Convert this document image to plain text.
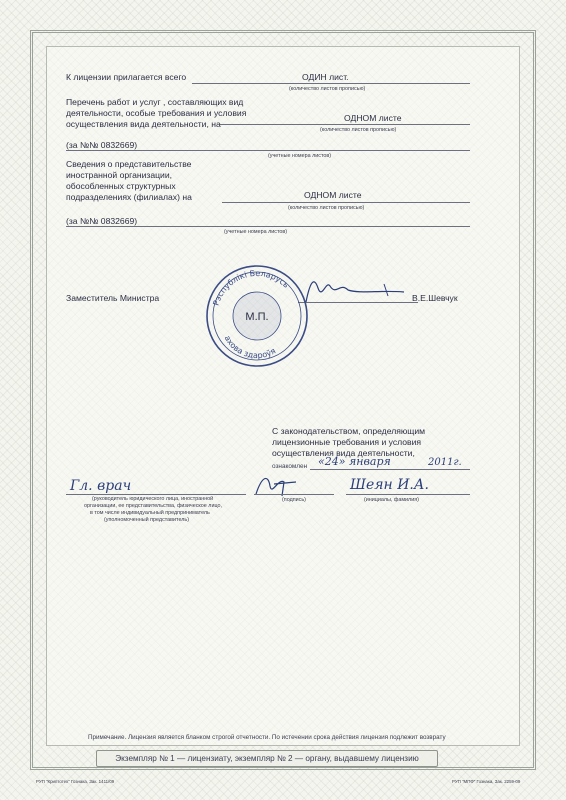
К лицензии прилагается всего	ОДИН лист.
(количество листов прописью)
Перечень работ и услуг , составляющих вид
деятельности, особые требования и условия
осуществления вида деятельности, на
ОДНОМ листе
(количество листов прописью)
(за №№ 0832669)
(учетные номера листов)
Сведения о представительстве
иностранной организации,
обособленных структурных
подразделениях (филиалах) на	ОДНОМ листе
(количество листов прописью)
(за №№ 0832669)
(учетные номера листов)
Заместитель Министра	В.Е.Шевчук
Рэспублікі Беларусь
ахова здароўя
М.П.
С законодательством, определяющим
лицензионные требования и условия
осуществления вида деятельности,
ознакомлен «24» января	2011г.
Гл. врач
(руководитель юридического лица, иностранной
организации, ее представительства, физическое лицо,
в том числе индивидуальный предприниматель
(уполномоченный представитель)
(подпись)
Шеян И.А.
(инициалы, фамилия)
Примечание. Лицензия является бланком строгой отчетности. По истечении срока действия лицензия подлежит возврату
Экземпляр № 1 — лицензиату, экземпляр № 2 — органу, выдавшему лицензию
РУП "Криптотех" Гознака, Зак. 1411/09	РУП "МПФ" Гознака, Зак. 2259-09
